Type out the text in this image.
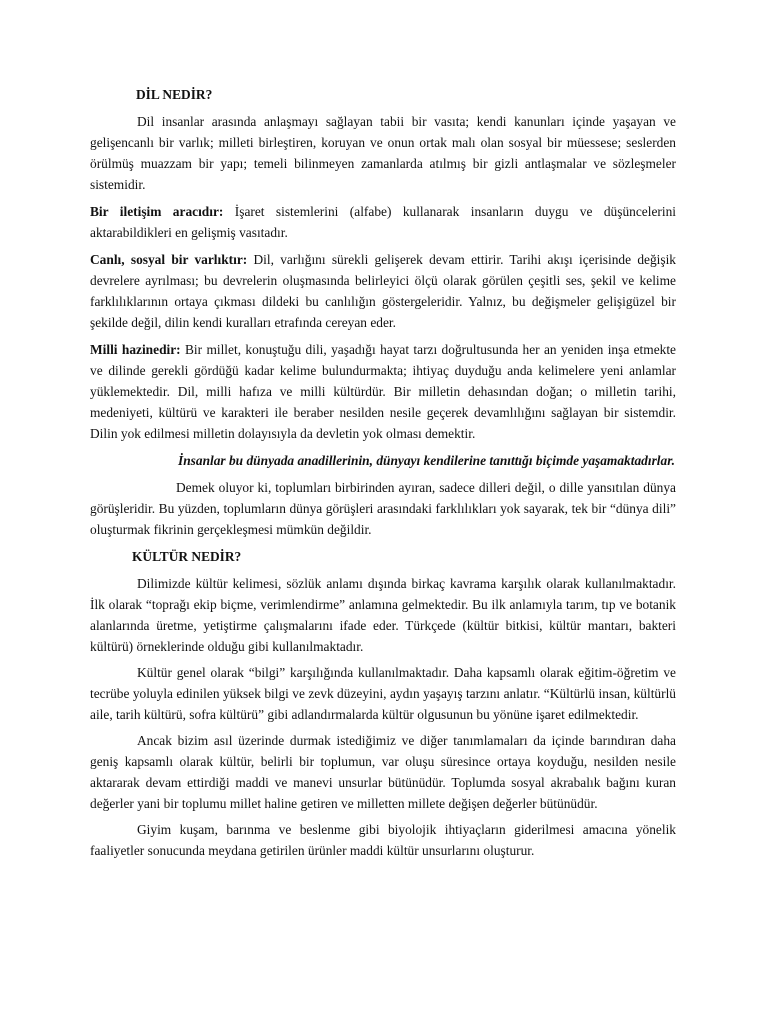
DİL NEDİR?

Dil insanlar arasında anlaşmayı sağlayan tabii bir vasıta; kendi kanunları içinde yaşayan ve gelişencanlı bir varlık; milleti birleştiren, koruyan ve onun ortak malı olan sosyal bir müessese; seslerden örülmüş muazzam bir yapı; temeli bilinmeyen zamanlarda atılmış bir gizli antlaşmalar ve sözleşmeler sistemidir.

Bir iletişim aracıdır: İşaret sistemlerini (alfabe) kullanarak insanların duygu ve düşüncelerini aktarabildikleri en gelişmiş vasıtadır.

Canlı, sosyal bir varlıktır: Dil, varlığını sürekli gelişerek devam ettirir. Tarihi akışı içerisinde değişik devrelere ayrılması; bu devrelerin oluşmasında belirleyici ölçü olarak görülen çeşitli ses, şekil ve kelime farklılıklarının ortaya çıkması dildeki bu canlılığın göstergeleridir. Yalnız, bu değişmeler gelişigüzel bir şekilde değil, dilin kendi kuralları etrafında cereyan eder.

Milli hazinedir: Bir millet, konuştuğu dili, yaşadığı hayat tarzı doğrultusunda her an yeniden inşa etmekte ve dilinde gerekli gördüğü kadar kelime bulundurmakta; ihtiyaç duyduğu anda kelimelere yeni anlamlar yüklemektedir. Dil, milli hafıza ve milli kültürdür. Bir milletin dehasından doğan; o milletin tarihi, medeniyeti, kültürü ve karakteri ile beraber nesilden nesile geçerek devamlılığını sağlayan bir sistemdir. Dilin yok edilmesi milletin dolayısıyla da devletin yok olması demektir.

İnsanlar bu dünyada anadillerinin, dünyayı kendilerine tanıttığı biçimde yaşamaktadırlar.

Demek oluyor ki, toplumları birbirinden ayıran, sadece dilleri değil, o dille yansıtılan dünya görüşleridir. Bu yüzden, toplumların dünya görüşleri arasındaki farklılıkları yok sayarak, tek bir “dünya dili” oluşturmak fikrinin gerçekleşmesi mümkün değildir.

KÜLTÜR NEDİR?

Dilimizde kültür kelimesi, sözlük anlamı dışında birkaç kavrama karşılık olarak kullanılmaktadır. İlk olarak “toprağı ekip biçme, verimlendirme” anlamına gelmektedir. Bu ilk anlamıyla tarım, tıp ve botanik alanlarında üretme, yetiştirme çalışmalarını ifade eder. Türkçede (kültür bitkisi, kültür mantarı, bakteri kültürü) örneklerinde olduğu gibi kullanılmaktadır.

Kültür genel olarak “bilgi” karşılığında kullanılmaktadır. Daha kapsamlı olarak eğitim-öğretim ve tecrübe yoluyla edinilen yüksek bilgi ve zevk düzeyini, aydın yaşayış tarzını anlatır. “Kültürlü insan, kültürlü aile, tarih kültürü, sofra kültürü” gibi adlandırmalarda kültür olgusunun bu yönüne işaret edilmektedir.

Ancak bizim asıl üzerinde durmak istediğimiz ve diğer tanımlamaları da içinde barındıran daha geniş kapsamlı olarak kültür, belirli bir toplumun, var oluşu süresince ortaya koyduğu, nesilden nesile aktararak devam ettirdiği maddi ve manevi unsurlar bütünüdür. Toplumda sosyal akrabalık bağını kuran değerler yani bir toplumu millet haline getiren ve milletten millete değişen değerler bütünüdür.

Giyim kuşam, barınma ve beslenme gibi biyolojik ihtiyaçların giderilmesi amacına yönelik faaliyetler sonucunda meydana getirilen ürünler maddi kültür unsurlarını oluşturur.
